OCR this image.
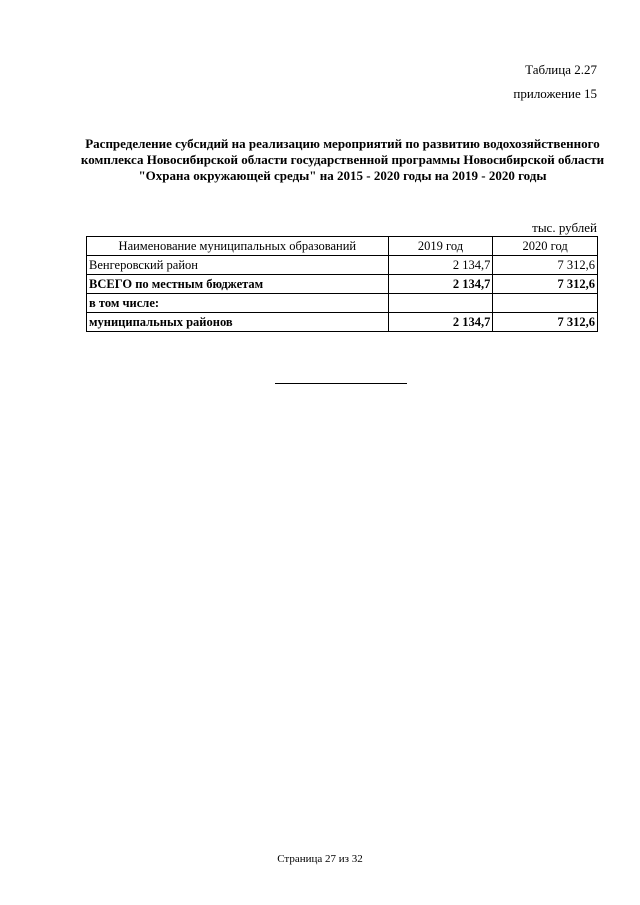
Таблица 2.27
приложение 15
Распределение субсидий на реализацию мероприятий по развитию водохозяйственного комплекса Новосибирской области государственной программы Новосибирской области "Охрана окружающей среды" на 2015 - 2020 годы на 2019 - 2020 годы
тыс. рублей
Наименование муниципальных образований	2019 год	2020 год
Венгеровский район	2 134,7	7 312,6
ВСЕГО по местным бюджетам	2 134,7	7 312,6
в том числе:		
муниципальных районов	2 134,7	7 312,6
Страница 27 из 32
